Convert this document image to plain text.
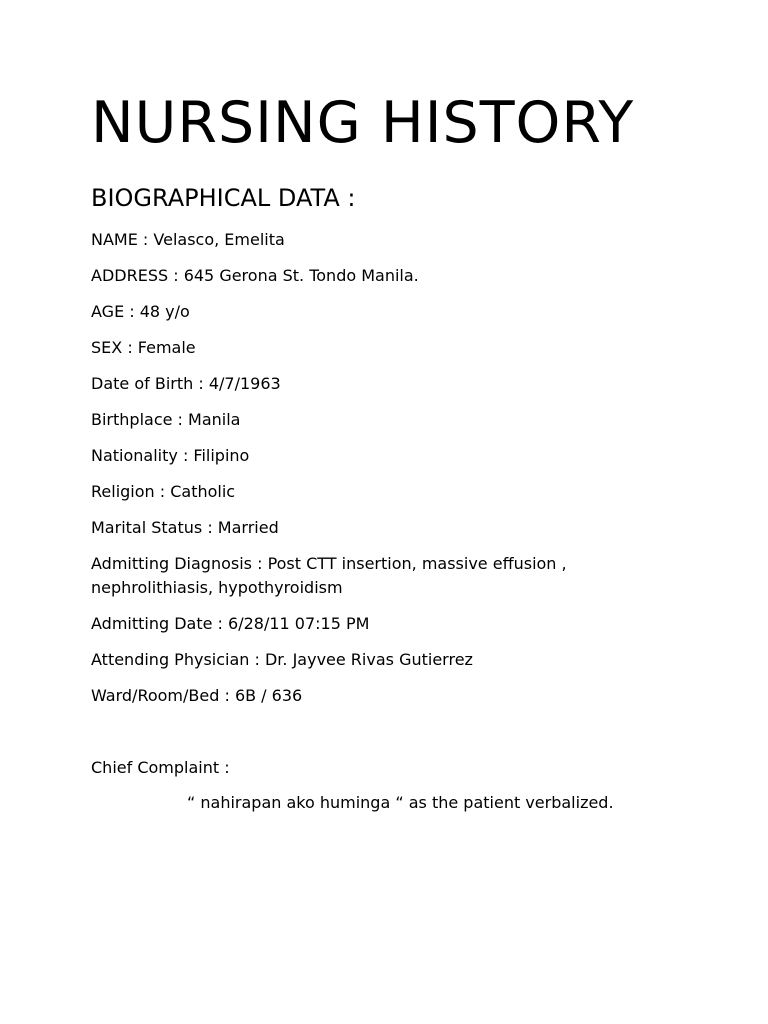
NURSING HISTORY
BIOGRAPHICAL DATA :
NAME : Velasco, Emelita
ADDRESS : 645 Gerona St. Tondo Manila.
AGE : 48 y/o
SEX : Female
Date of Birth : 4/7/1963
Birthplace : Manila
Nationality : Filipino
Religion : Catholic
Marital Status : Married
Admitting Diagnosis : Post CTT insertion, massive effusion , nephrolithiasis, hypothyroidism
Admitting Date : 6/28/11 07:15 PM
Attending Physician : Dr. Jayvee Rivas Gutierrez
Ward/Room/Bed : 6B / 636
Chief Complaint :
“ nahirapan ako huminga “ as the patient verbalized.
